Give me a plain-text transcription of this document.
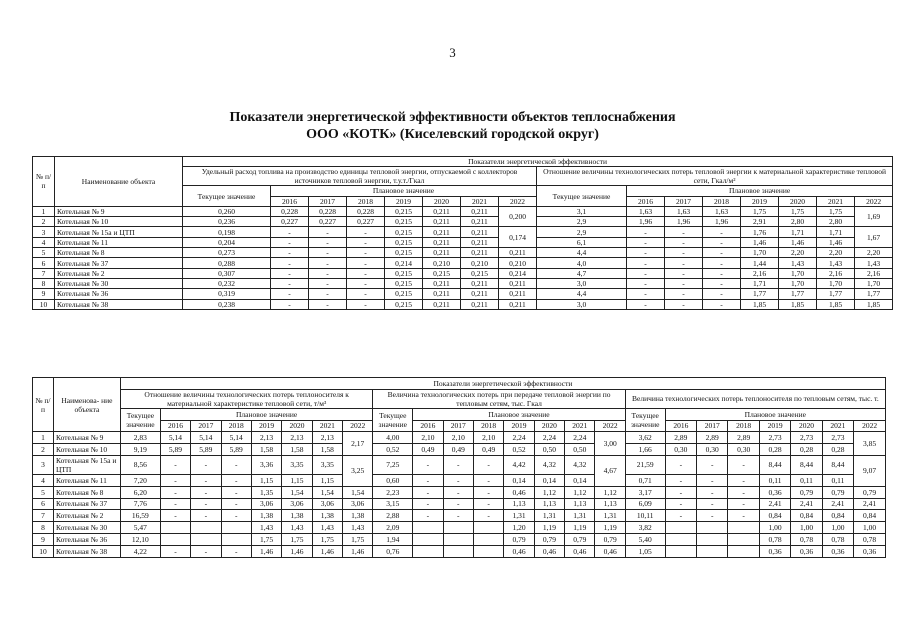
3
Показатели энергетической эффективности объектов теплоснабжения
ООО «КОТК» (Киселевский городской округ)
№ п/п	Наименование объекта	Показатели энергетической эффективности															
		Удельный расход топлива на производство единицы тепловой энергии, отпускаемой с коллекторов источников тепловой энергии, т.у.т./Гкал								Отношение величины технологических потерь тепловой энергии к материальной характеристике тепловой сети, Гкал/м²							
		Текущее значение	Плановое значение							Текущее значение	Плановое значение						
			2016	2017	2018	2019	2020	2021	2022		2016	2017	2018	2019	2020	2021	2022
1	Котельная № 9	0,260	0,228	0,228	0,228	0,215	0,211	0,211	0,200	3,1	1,63	1,63	1,63	1,75	1,75	1,75	1,69
2	Котельная № 10	0,236	0,227	0,227	0,227	0,215	0,211	0,211		2,9	1,96	1,96	1,96	2,91	2,80	2,80	
3	Котельная № 15а и ЦТП	0,198	-	-	-	0,215	0,211	0,211	0,174	2,9	-	-	-	1,76	1,71	1,71	1,67
4	Котельная № 11	0,204	-	-	-	0,215	0,211	0,211		6,1	-	-	-	1,46	1,46	1,46	
5	Котельная № 8	0,273	-	-	-	0,215	0,211	0,211	0,211	4,4	-	-	-	1,70	2,20	2,20	2,20
6	Котельная № 37	0,288	-	-	-	0,214	0,210	0,210	0,210	4,0	-	-	-	1,44	1,43	1,43	1,43
7	Котельная № 2	0,307	-	-	-	0,215	0,215	0,215	0,214	4,7	-	-	-	2,16	1,70	2,16	2,16
8	Котельная № 30	0,232	-	-	-	0,215	0,211	0,211	0,211	3,0	-	-	-	1,71	1,70	1,70	1,70
9	Котельная № 36	0,319	-	-	-	0,215	0,211	0,211	0,211	4,4	-	-	-	1,77	1,77	1,77	1,77
10	Котельная № 38	0,238	-	-	-	0,215	0,211	0,211	0,211	3,0	-	-	-	1,85	1,85	1,85	1,85
№ п/п	Наименова- ние объекта	Показатели энергетической эффективности																							
		Отношение величины технологических потерь теплоносителя к материальной характеристике тепловой сети, т/м³								Величина технологических потерь при передаче тепловой энергии по тепловым сетям, тыс. Гкал								Величина технологических потерь теплоносителя по тепловым сетям, тыс. т.							
		Текущее значение	Плановое значение							Текущее значение	Плановое значение							Текущее значение	Плановое значение						
			2016	2017	2018	2019	2020	2021	2022		2016	2017	2018	2019	2020	2021	2022		2016	2017	2018	2019	2020	2021	2022
1	Котельная № 9	2,83	5,14	5,14	5,14	2,13	2,13	2,13	2,17	4,00	2,10	2,10	2,10	2,24	2,24	2,24	3,00	3,62	2,89	2,89	2,89	2,73	2,73	2,73	3,85
2	Котельная № 10	9,19	5,89	5,89	5,89	1,58	1,58	1,58		0,52	0,49	0,49	0,49	0,52	0,50	0,50		1,66	0,30	0,30	0,30	0,28	0,28	0,28	
3	Котельная № 15а и ЦТП	8,56	-	-	-	3,36	3,35	3,35	3,25	7,25	-	-	-	4,42	4,32	4,32	4,67	21,59	-	-	-	8,44	8,44	8,44	9,07
4	Котельная № 11	7,20	-	-	-	1,15	1,15	1,15		0,60	-	-	-	0,14	0,14	0,14		0,71	-	-	-	0,11	0,11	0,11	
5	Котельная № 8	6,20	-	-	-	1,35	1,54	1,54	1,54	2,23	-	-	-	0,46	1,12	1,12	1,12	3,17	-	-	-	0,36	0,79	0,79	0,79
6	Котельная № 37	7,76	-	-	-	3,06	3,06	3,06	3,06	3,15	-	-	-	1,13	1,13	1,13	1,13	6,09	-	-	-	2,41	2,41	2,41	2,41
7	Котельная № 2	16,59	-	-	-	1,38	1,38	1,38	1,38	2,88	-	-	-	1,31	1,31	1,31	1,31	10,11	-	-	-	0,84	0,84	0,84	0,84
8	Котельная № 30	5,47				1,43	1,43	1,43	1,43	2,09				1,20	1,19	1,19	1,19	3,82				1,00	1,00	1,00	1,00
9	Котельная № 36	12,10				1,75	1,75	1,75	1,75	1,94				0,79	0,79	0,79	0,79	5,40				0,78	0,78	0,78	0,78
10	Котельная № 38	4,22	-	-	-	1,46	1,46	1,46	1,46	0,76				0,46	0,46	0,46	0,46	1,05				0,36	0,36	0,36	0,36
